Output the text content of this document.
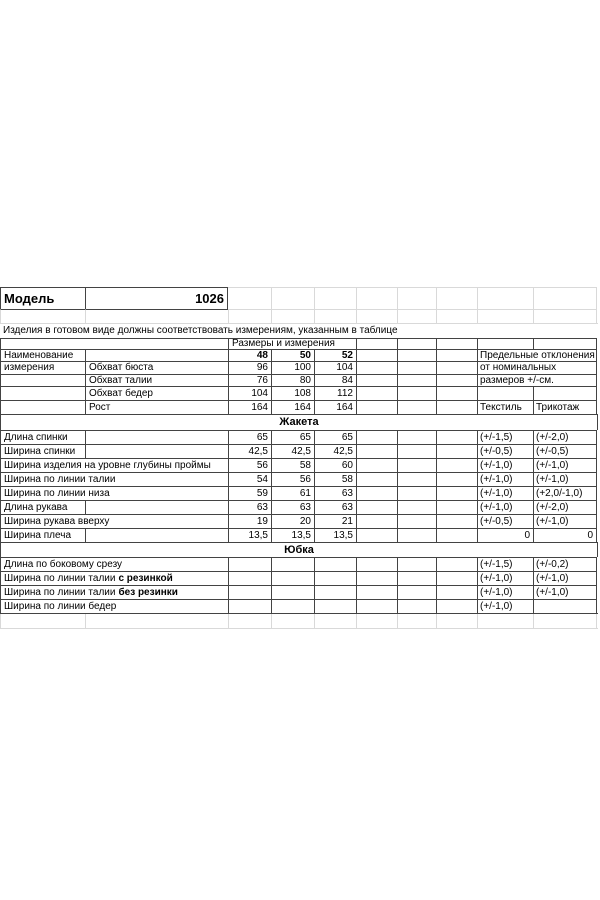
Модель	1026
Изделия в готовом виде должны соответствовать измерениям, указанным в таблице
Размеры и измерения
Наименование	48	50	52	Предельные отклонения
измерения	Обхват бюста	96	100	104	от номинальных
Обхват талии	76	80	84	размеров +/-см.
Обхват бедер	104	108	112
Рост	164	164	164	Текстиль	Трикотаж
Жакета
Длина спинки	65	65	65	(+/-1,5)	(+/-2,0)
Ширина спинки	42,5	42,5	42,5	(+/-0,5)	(+/-0,5)
Ширина изделия на уровне глубины проймы	56	58	60	(+/-1,0)	(+/-1,0)
Ширина по линии талии	54	56	58	(+/-1,0)	(+/-1,0)
Ширина по линии низа	59	61	63	(+/-1,0)	(+2,0/-1,0)
Длина рукава	63	63	63	(+/-1,0)	(+/-2,0)
Ширина рукава вверху	19	20	21	(+/-0,5)	(+/-1,0)
Ширина плеча	13,5	13,5	13,5	0	0
Юбка
Длина по боковому срезу	(+/-1,5)	(+/-0,2)
Ширина по линии талии с резинкой	(+/-1,0)	(+/-1,0)
Ширина по линии талии без резинки	(+/-1,0)	(+/-1,0)
Ширина по линии бедер	(+/-1,0)
